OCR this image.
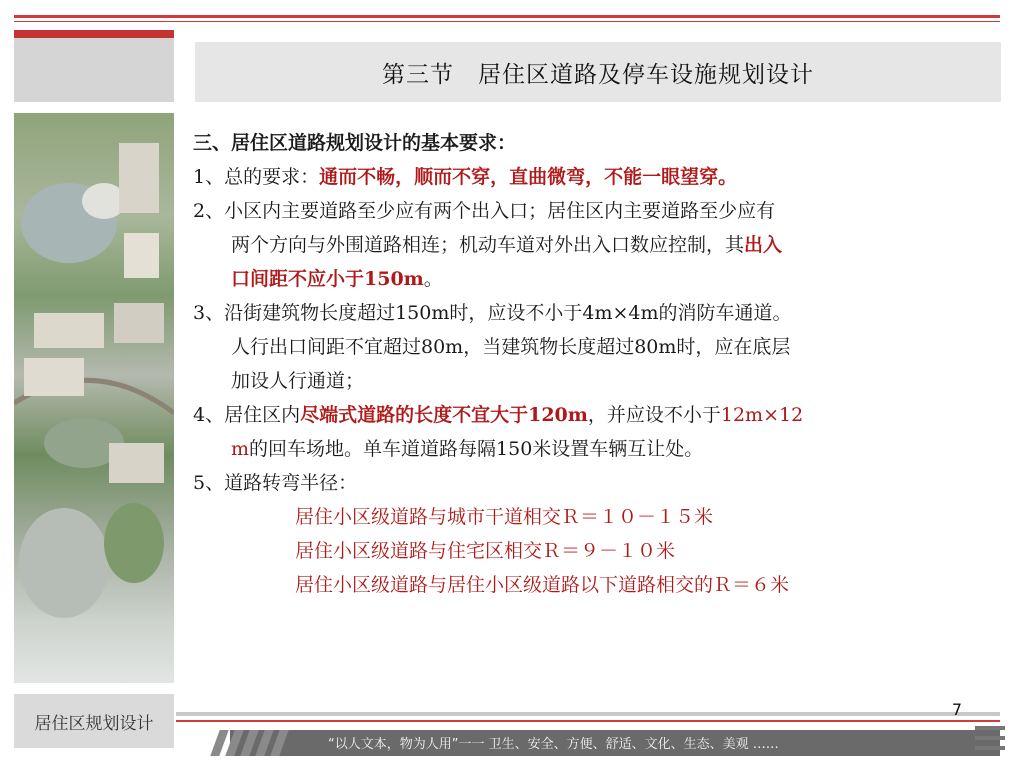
第三节　居住区道路及停车设施规划设计
三、居住区道路规划设计的基本要求：
1、总的要求：通而不畅，顺而不穿，直曲微弯，不能一眼望穿。
2、小区内主要道路至少应有两个出入口；居住区内主要道路至少应有
两个方向与外围道路相连；机动车道对外出入口数应控制，其出入
口间距不应小于150m。
3、沿街建筑物长度超过150m时，应设不小于4m×4m的消防车通道。
人行出口间距不宜超过80m，当建筑物长度超过80m时，应在底层
加设人行通道；
4、居住区内尽端式道路的长度不宜大于120m，并应设不小于12m×12
m的回车场地。单车道道路每隔150米设置车辆互让处。
5、道路转弯半径：
居住小区级道路与城市干道相交Ｒ＝１０－１５米
居住小区级道路与住宅区相交Ｒ＝９－１０米
居住小区级道路与居住小区级道路以下道路相交的Ｒ＝６米
居住区规划设计
7
“以人文本，物为人用”一一 卫生、安全、方便、舒适、文化、生态、美观 ……
